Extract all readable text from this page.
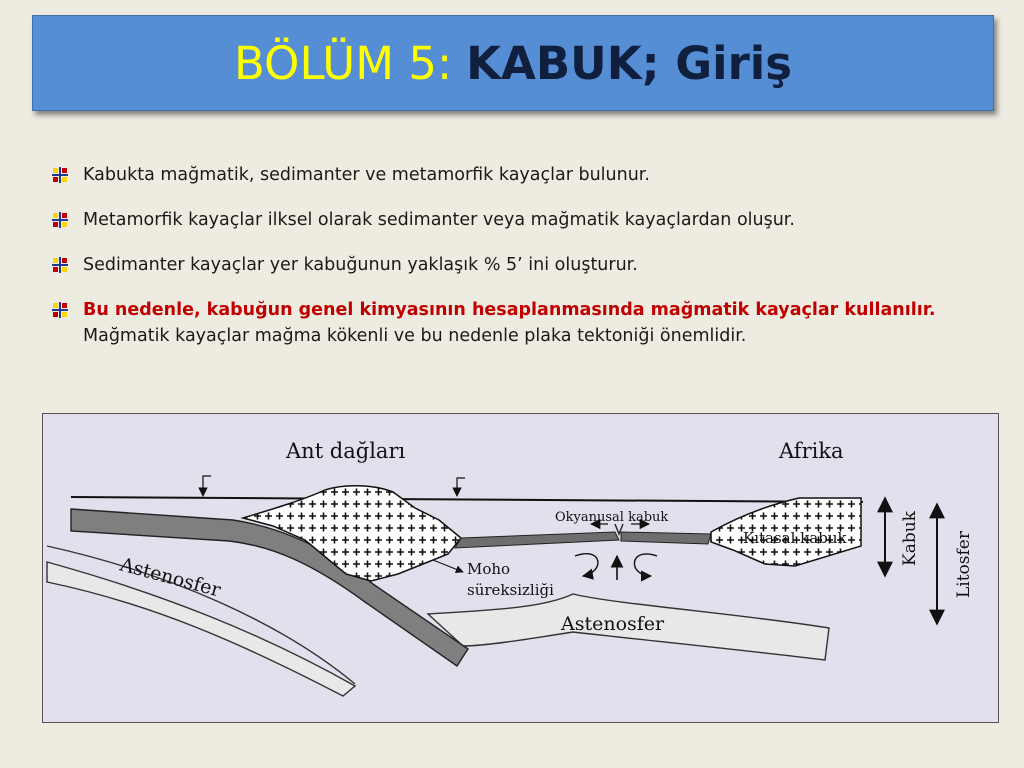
BÖLÜM 5: KABUK; Giriş
Kabukta mağmatik, sedimanter ve metamorfik kayaçlar bulunur.
Metamorfik kayaçlar ilksel olarak sedimanter veya mağmatik kayaçlardan oluşur.
Sedimanter kayaçlar yer kabuğunun yaklaşık % 5’ ini oluşturur.
Bu nedenle, kabuğun genel kimyasının hesaplanmasında mağmatik kayaçlar kullanılır.
Mağmatik kayaçlar mağma kökenli ve bu nedenle plaka tektoniği önemlidir.
Ant dağları	Afrika
Okyanusal kabuk
Kıtasal kabuk
Moho
süreksizliği
Astenosfer
Astenosfer
Kabuk Litosfer
